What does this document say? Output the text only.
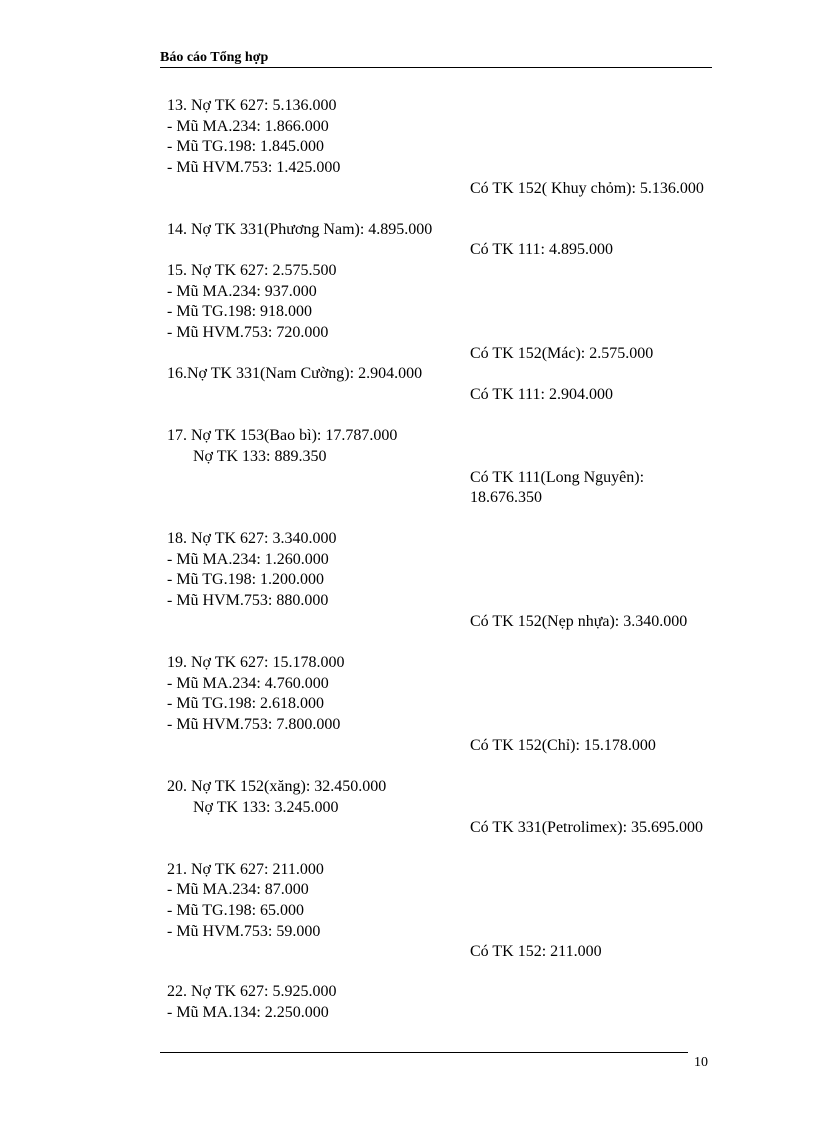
Báo cáo Tổng hợp
13. Nợ TK 627: 5.136.000
- Mũ MA.234: 1.866.000
- Mũ TG.198: 1.845.000
- Mũ HVM.753: 1.425.000
Có TK 152( Khuy chỏm): 5.136.000
14. Nợ TK 331(Phương Nam): 4.895.000
Có TK 111: 4.895.000
15. Nợ TK 627: 2.575.500
- Mũ MA.234: 937.000
- Mũ TG.198: 918.000
- Mũ HVM.753: 720.000
Có TK 152(Mác): 2.575.000
16.Nợ TK 331(Nam Cường): 2.904.000
Có TK 111: 2.904.000
17. Nợ TK 153(Bao bì): 17.787.000
Nợ TK 133: 889.350
Có TK 111(Long Nguyên):
18.676.350
18. Nợ TK 627: 3.340.000
- Mũ MA.234: 1.260.000
- Mũ TG.198: 1.200.000
- Mũ HVM.753: 880.000
Có TK 152(Nẹp nhựa): 3.340.000
19. Nợ TK 627: 15.178.000
- Mũ MA.234: 4.760.000
- Mũ TG.198: 2.618.000
- Mũ HVM.753: 7.800.000
Có TK 152(Chỉ): 15.178.000
20. Nợ TK 152(xăng): 32.450.000
Nợ TK 133: 3.245.000
Có TK 331(Petrolimex): 35.695.000
21. Nợ TK 627: 211.000
- Mũ MA.234: 87.000
- Mũ TG.198: 65.000
- Mũ HVM.753: 59.000
Có TK 152: 211.000
22. Nợ TK 627: 5.925.000
- Mũ MA.134: 2.250.000
10
